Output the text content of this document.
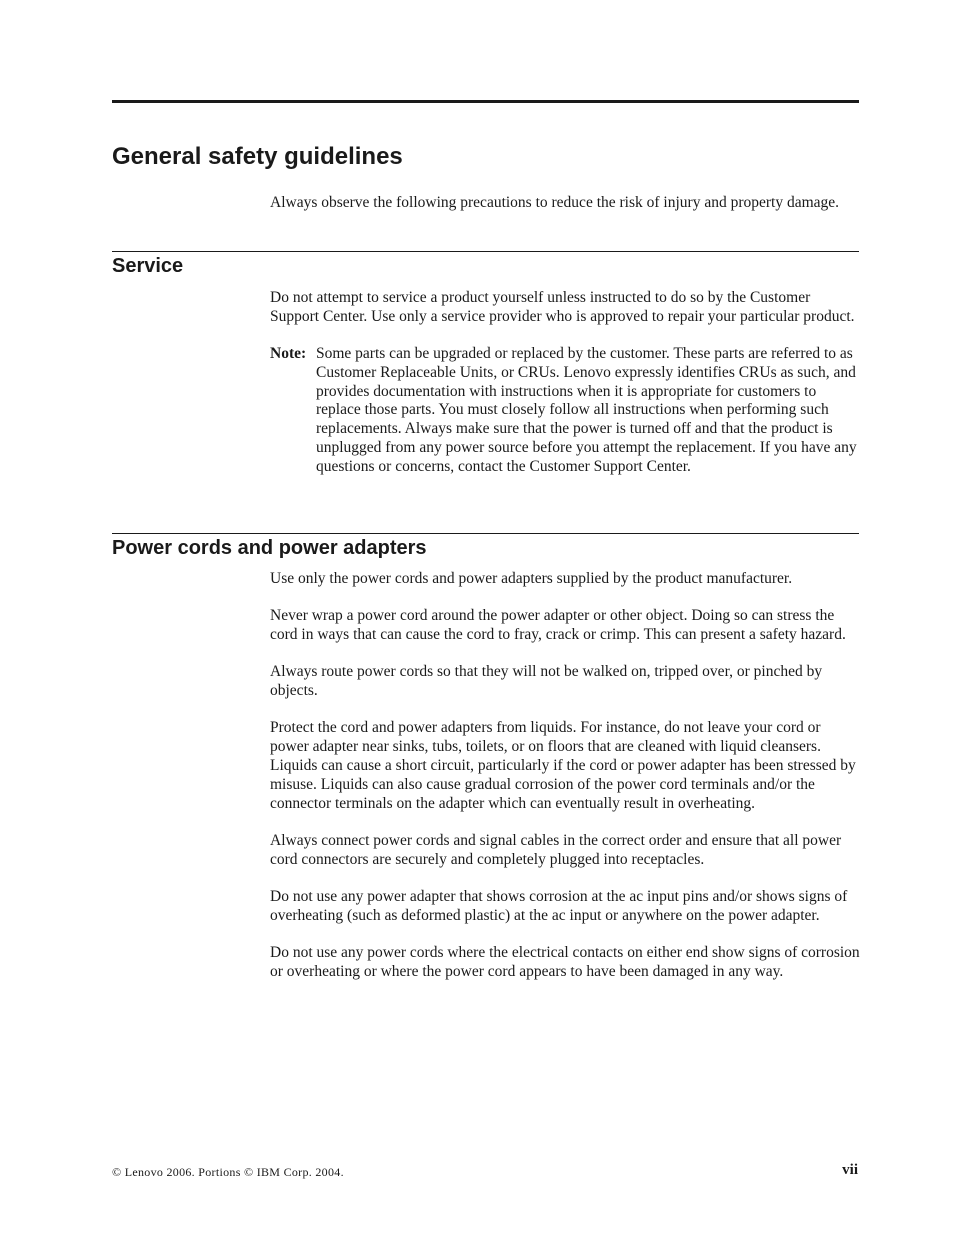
General safety guidelines

Always observe the following precautions to reduce the risk of injury and property damage.

Service

Do not attempt to service a product yourself unless instructed to do so by the Customer Support Center. Use only a service provider who is approved to repair your particular product.

Note: Some parts can be upgraded or replaced by the customer. These parts are referred to as Customer Replaceable Units, or CRUs. Lenovo expressly identifies CRUs as such, and provides documentation with instructions when it is appropriate for customers to replace those parts. You must closely follow all instructions when performing such replacements. Always make sure that the power is turned off and that the product is unplugged from any power source before you attempt the replacement. If you have any questions or concerns, contact the Customer Support Center.
Power cords and power adapters

Use only the power cords and power adapters supplied by the product manufacturer.

Never wrap a power cord around the power adapter or other object. Doing so can stress the cord in ways that can cause the cord to fray, crack or crimp. This can present a safety hazard.

Always route power cords so that they will not be walked on, tripped over, or pinched by objects.

Protect the cord and power adapters from liquids. For instance, do not leave your cord or power adapter near sinks, tubs, toilets, or on floors that are cleaned with liquid cleansers. Liquids can cause a short circuit, particularly if the cord or power adapter has been stressed by misuse. Liquids can also cause gradual corrosion of the power cord terminals and/or the connector terminals on the adapter which can eventually result in overheating.

Always connect power cords and signal cables in the correct order and ensure that all power cord connectors are securely and completely plugged into receptacles.

Do not use any power adapter that shows corrosion at the ac input pins and/or shows signs of overheating (such as deformed plastic) at the ac input or anywhere on the power adapter.

Do not use any power cords where the electrical contacts on either end show signs of corrosion or overheating or where the power cord appears to have been damaged in any way.

© Lenovo 2006. Portions © IBM Corp. 2004.	vii
